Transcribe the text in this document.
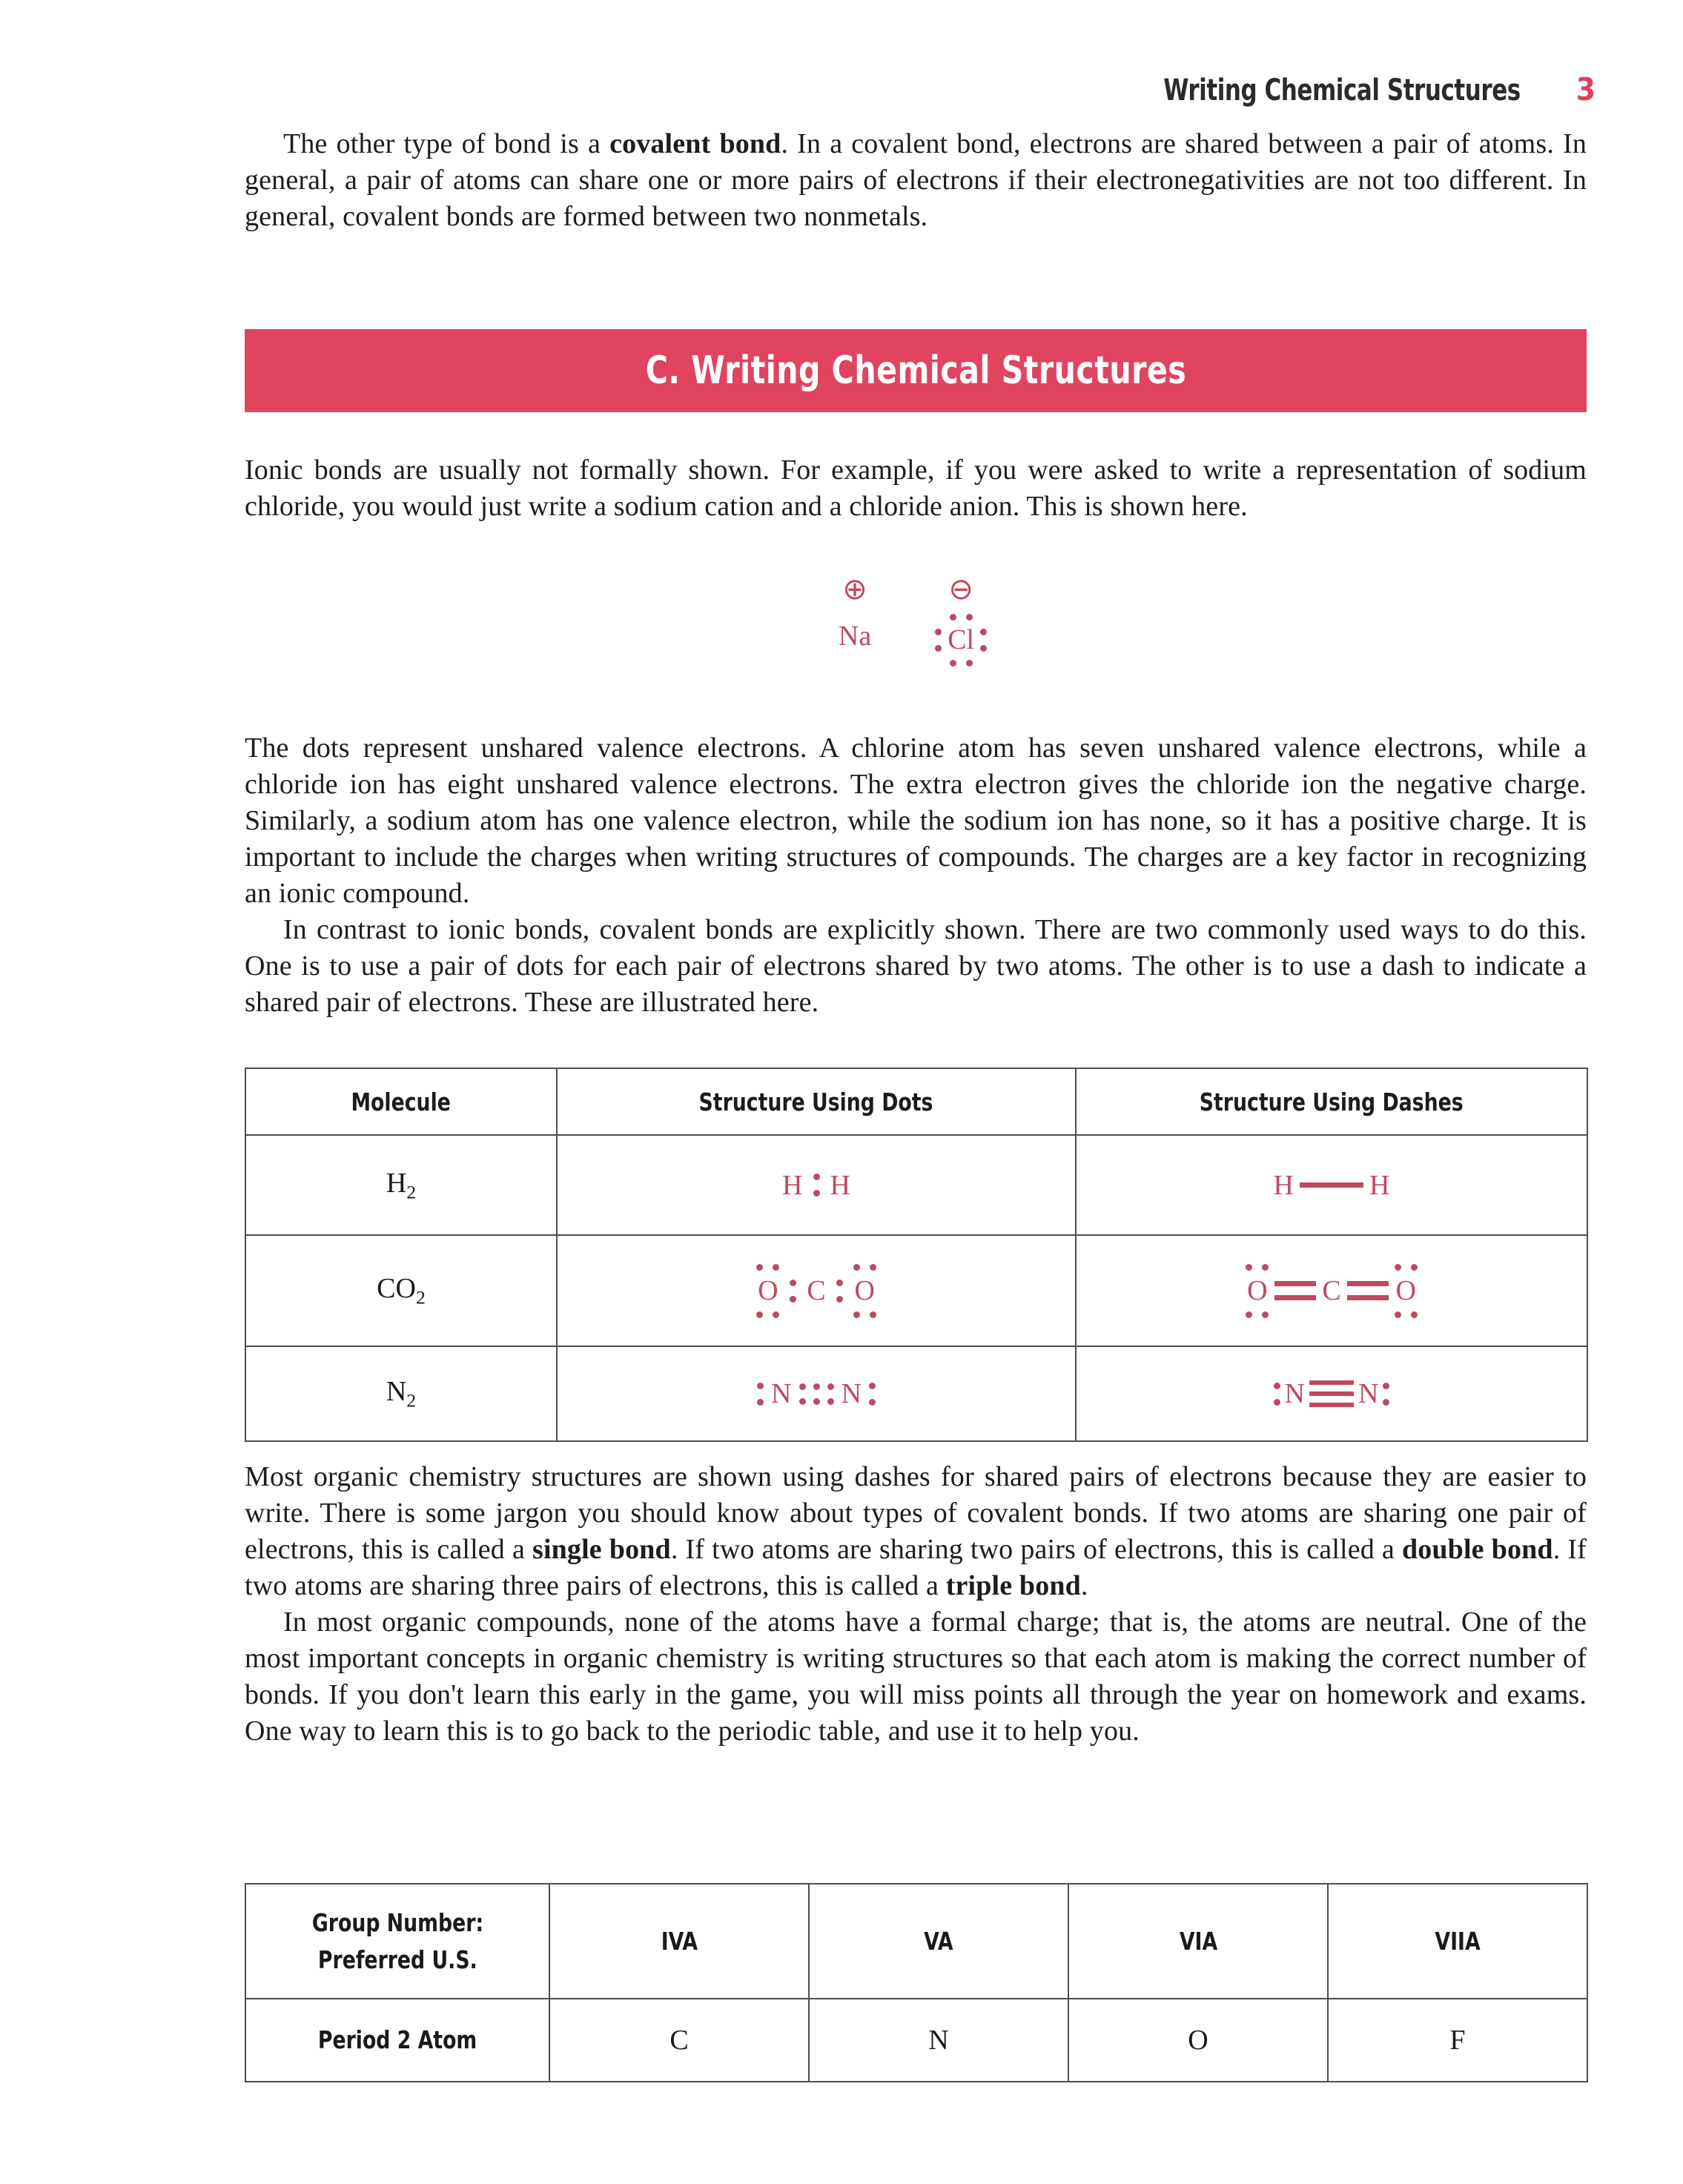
Writing Chemical Structures 3

The other type of bond is a covalent bond. In a covalent bond, electrons are shared between a pair of atoms. In general, a pair of atoms can share one or more pairs of electrons if their electronegativities are not too different. In general, covalent bonds are formed between two nonmetals.

C. Writing Chemical Structures

Ionic bonds are usually not formally shown. For example, if you were asked to write a representation of sodium chloride, you would just write a sodium cation and a chloride anion. This is shown here.

⊕
Na
⊖
Cl

The dots represent unshared valence electrons. A chlorine atom has seven unshared valence electrons, while a chloride ion has eight unshared valence electrons. The extra electron gives the chloride ion the negative charge. Similarly, a sodium atom has one valence electron, while the sodium ion has none, so it has a positive charge. It is important to include the charges when writing structures of compounds. The charges are a key factor in recognizing an ionic compound.

In contrast to ionic bonds, covalent bonds are explicitly shown. There are two commonly used ways to do this. One is to use a pair of dots for each pair of electrons shared by two atoms. The other is to use a dash to indicate a shared pair of electrons. These are illustrated here.

Molecule	Structure Using Dots	Structure Using Dashes
$H_2$	H H	H H

$CO_2$	O C O	O C O

$N_2$	N N	N N

Most organic chemistry structures are shown using dashes for shared pairs of electrons because they are easier to write. There is some jargon you should know about types of covalent bonds. If two atoms are sharing one pair of electrons, this is called a single bond. If two atoms are sharing two pairs of electrons, this is called a double bond. If two atoms are sharing three pairs of electrons, this is called a triple bond.

In most organic compounds, none of the atoms have a formal charge; that is, the atoms are neutral. One of the most important concepts in organic chemistry is writing structures so that each atom is making the correct number of bonds. If you don't learn this early in the game, you will miss points all through the year on homework and exams. One way to learn this is to go back to the periodic table, and use it to help you.

Group Number:
Preferred U.S.	IVA	VA	VIA	VIIA
Period 2 Atom	C	N	O	F
